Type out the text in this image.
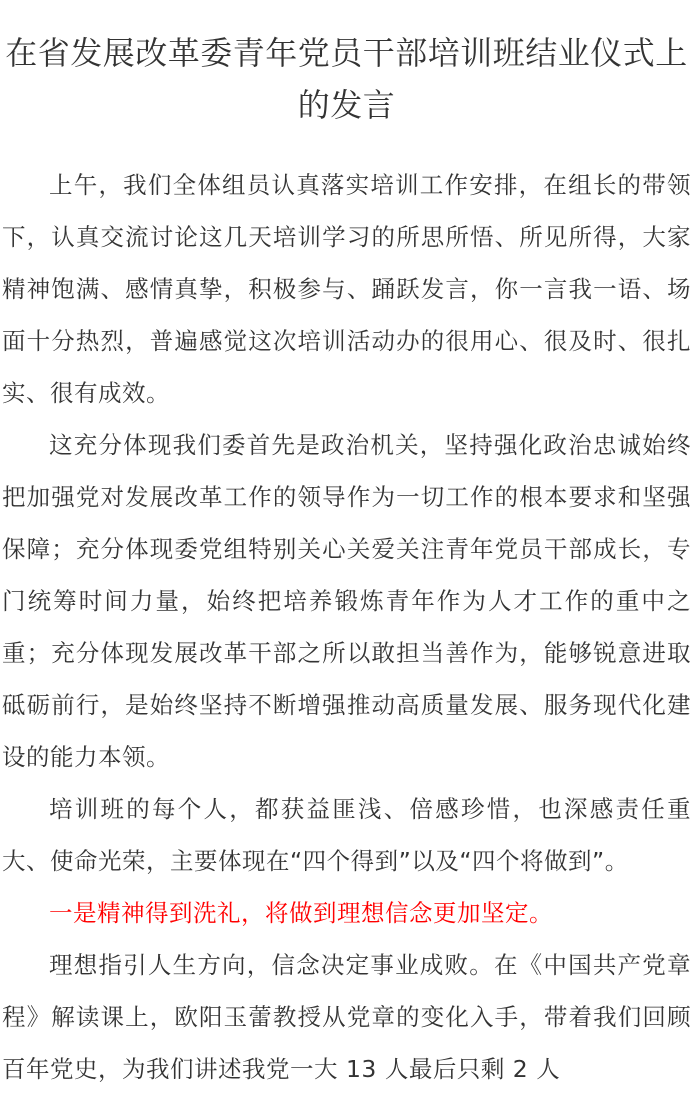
在省发展改革委青年党员干部培训班结业仪式上的发言

上午，我们全体组员认真落实培训工作安排，在组长的带领下，认真交流讨论这几天培训学习的所思所悟、所见所得，大家精神饱满、感情真挚，积极参与、踊跃发言，你一言我一语、场面十分热烈，普遍感觉这次培训活动办的很用心、很及时、很扎实、很有成效。

这充分体现我们委首先是政治机关，坚持强化政治忠诚始终把加强党对发展改革工作的领导作为一切工作的根本要求和坚强保障；充分体现委党组特别关心关爱关注青年党员干部成长，专门统筹时间力量，始终把培养锻炼青年作为人才工作的重中之重；充分体现发展改革干部之所以敢担当善作为，能够锐意进取砥砺前行，是始终坚持不断增强推动高质量发展、服务现代化建设的能力本领。

培训班的每个人，都获益匪浅、倍感珍惜，也深感责任重大、使命光荣，主要体现在“四个得到”以及“四个将做到”。

一是精神得到洗礼，将做到理想信念更加坚定。

理想指引人生方向，信念决定事业成败。在《中国共产党章程》解读课上，欧阳玉蕾教授从党章的变化入手，带着我们回顾百年党史，为我们讲述我党一大 13 人最后只剩 2 人
